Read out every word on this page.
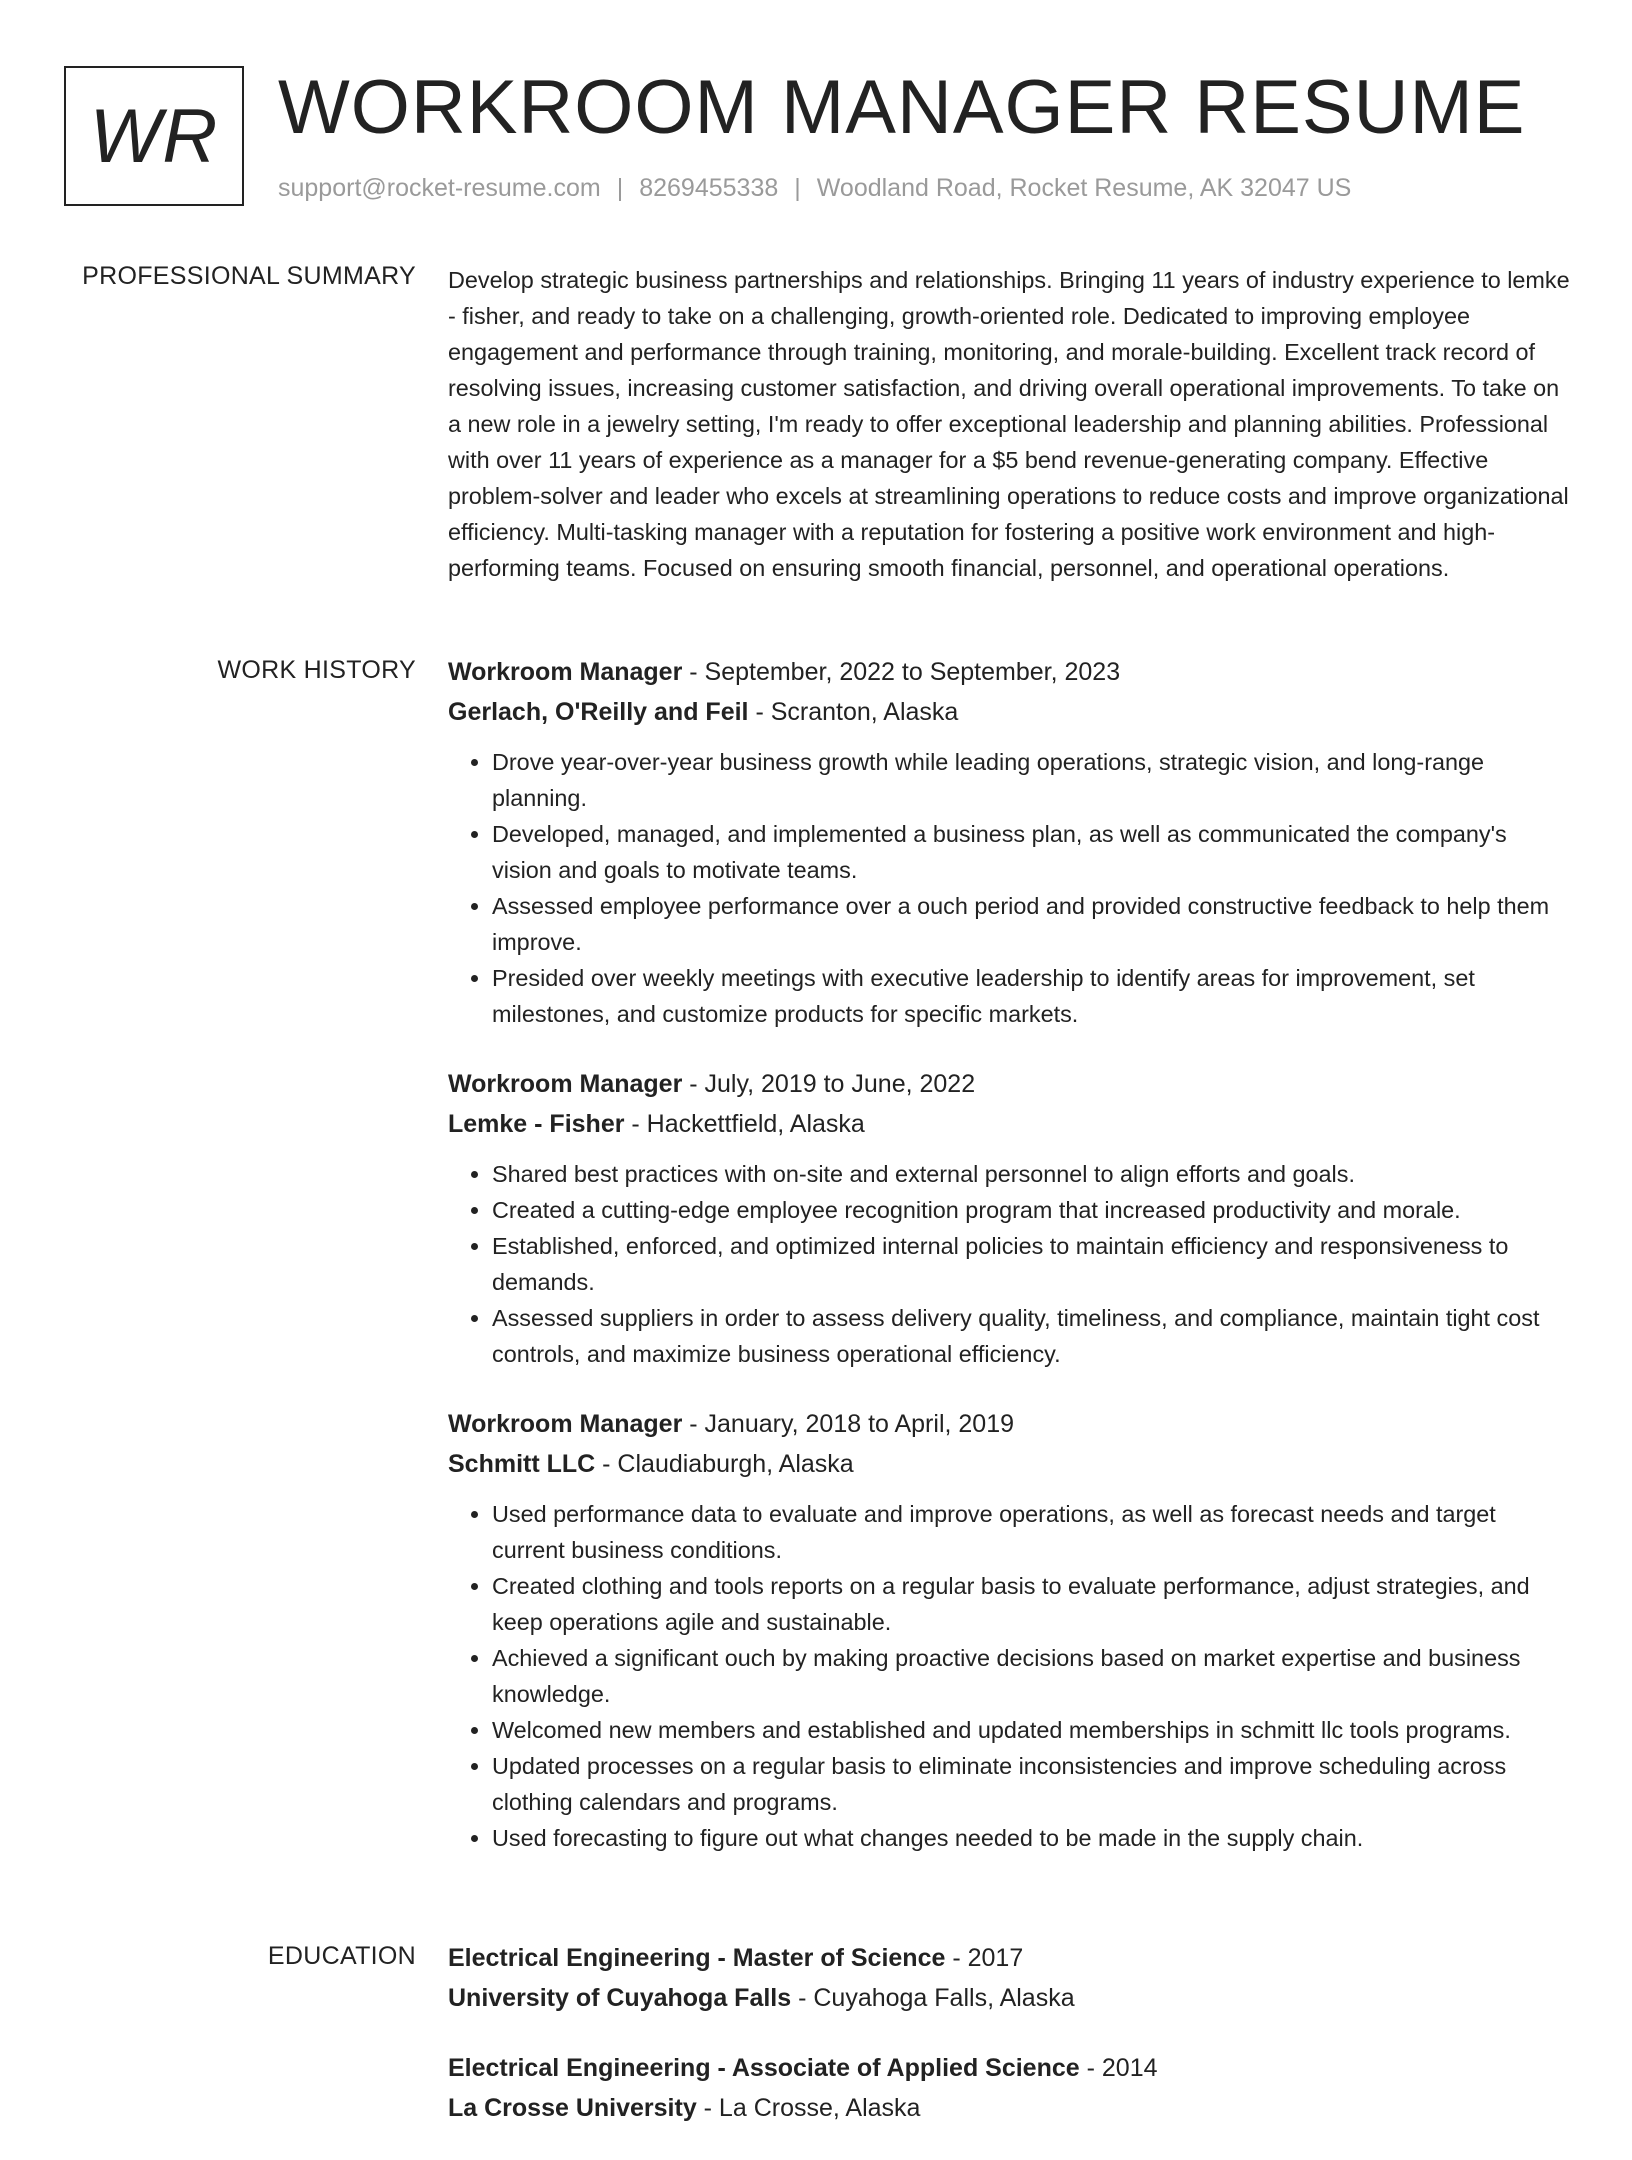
WR WORKROOM MANAGER RESUME
support@rocket-resume.com | 8269455338 | Woodland Road, Rocket Resume, AK 32047 US
PROFESSIONAL SUMMARY Develop strategic business partnerships and relationships. Bringing 11 years of industry experience to lemke - fisher, and ready to take on a challenging, growth-oriented role. Dedicated to improving employee engagement and performance through training, monitoring, and morale-building. Excellent track record of resolving issues, increasing customer satisfaction, and driving overall operational improvements. To take on a new role in a jewelry setting, I'm ready to offer exceptional leadership and planning abilities. Professional with over 11 years of experience as a manager for a $5 bend revenue-generating company. Effective problem-solver and leader who excels at streamlining operations to reduce costs and improve organizational efficiency. Multi-tasking manager with a reputation for fostering a positive work environment and high-performing teams. Focused on ensuring smooth financial, personnel, and operational operations.

WORK HISTORY Workroom Manager - September, 2022 to September, 2023
Gerlach, O'Reilly and Feil - Scranton, Alaska
• Drove year-over-year business growth while leading operations, strategic vision, and long-range planning.
• Developed, managed, and implemented a business plan, as well as communicated the company's vision and goals to motivate teams.
• Assessed employee performance over a ouch period and provided constructive feedback to help them improve.
• Presided over weekly meetings with executive leadership to identify areas for improvement, set milestones, and customize products for specific markets.
Workroom Manager - July, 2019 to June, 2022
Lemke - Fisher - Hackettfield, Alaska
• Shared best practices with on-site and external personnel to align efforts and goals.
• Created a cutting-edge employee recognition program that increased productivity and morale.
• Established, enforced, and optimized internal policies to maintain efficiency and responsiveness to demands.
• Assessed suppliers in order to assess delivery quality, timeliness, and compliance, maintain tight cost controls, and maximize business operational efficiency.
Workroom Manager - January, 2018 to April, 2019
Schmitt LLC - Claudiaburgh, Alaska
• Used performance data to evaluate and improve operations, as well as forecast needs and target current business conditions.
• Created clothing and tools reports on a regular basis to evaluate performance, adjust strategies, and keep operations agile and sustainable.
• Achieved a significant ouch by making proactive decisions based on market expertise and business knowledge.
• Welcomed new members and established and updated memberships in schmitt llc tools programs.
• Updated processes on a regular basis to eliminate inconsistencies and improve scheduling across clothing calendars and programs.
• Used forecasting to figure out what changes needed to be made in the supply chain.
EDUCATION Electrical Engineering - Master of Science - 2017
University of Cuyahoga Falls - Cuyahoga Falls, Alaska
Electrical Engineering - Associate of Applied Science - 2014
La Crosse University - La Crosse, Alaska
